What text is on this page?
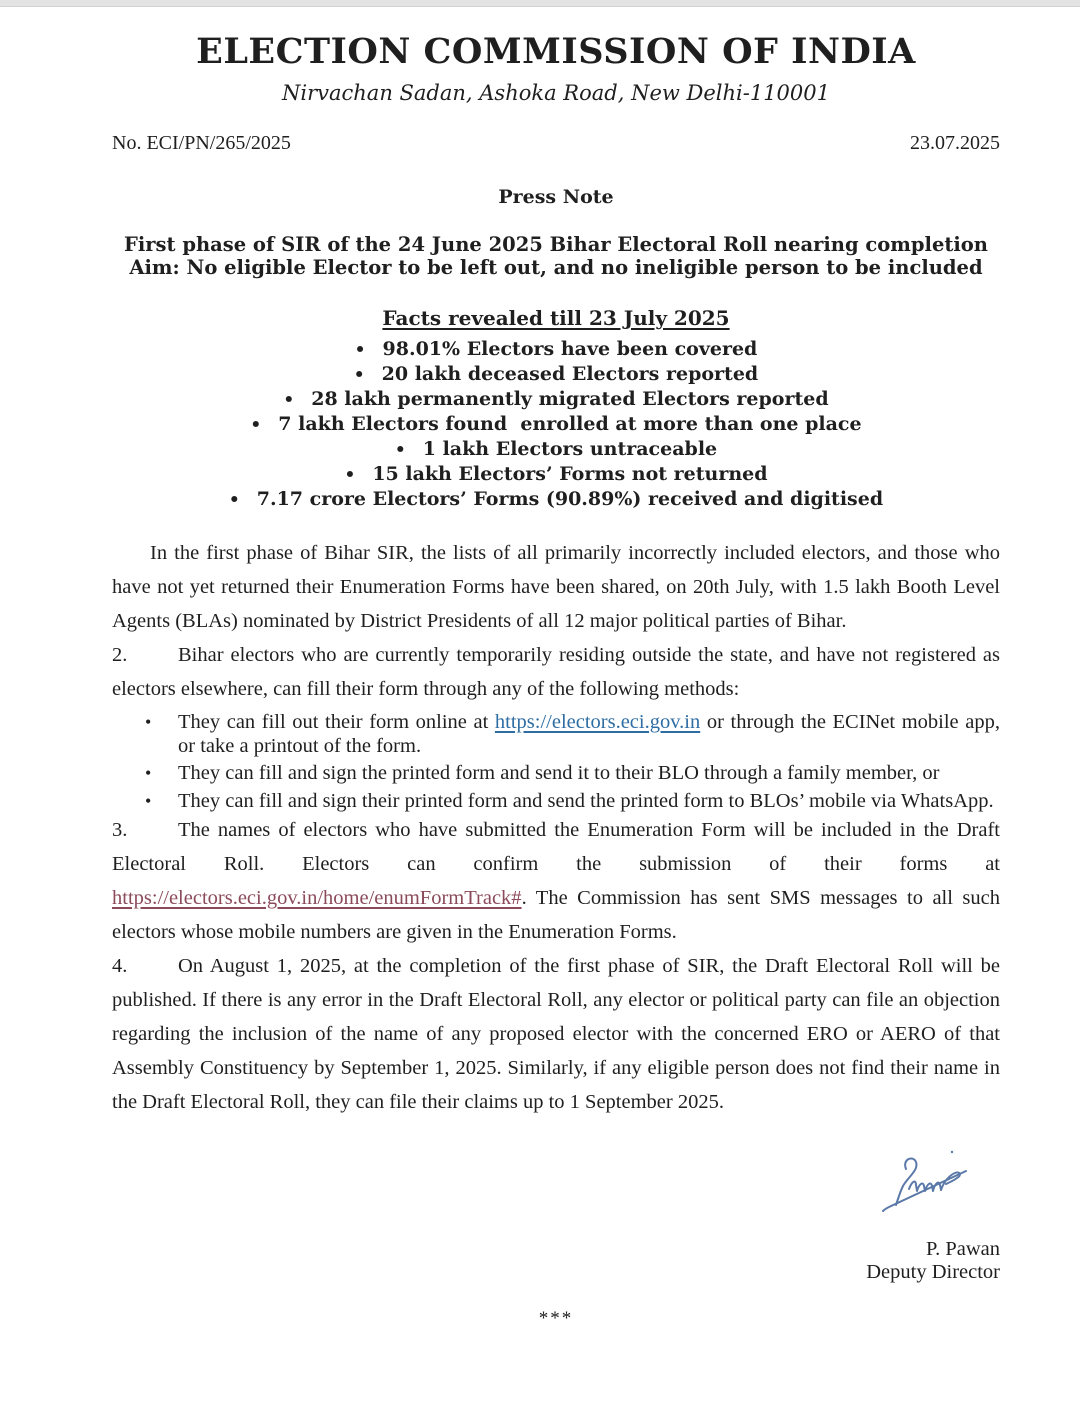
ELECTION COMMISSION OF INDIA
Nirvachan Sadan, Ashoka Road, New Delhi-110001
No. ECI/PN/265/2025	23.07.2025
Press Note
First phase of SIR of the 24 June 2025 Bihar Electoral Roll nearing completion
Aim: No eligible Elector to be left out, and no ineligible person to be included
Facts revealed till 23 July 2025
• 98.01% Electors have been covered
• 20 lakh deceased Electors reported
• 28 lakh permanently migrated Electors reported
• 7 lakh Electors found  enrolled at more than one place
• 1 lakh Electors untraceable
• 15 lakh Electors’ Forms not returned
• 7.17 crore Electors’ Forms (90.89%) received and digitised

In the first phase of Bihar SIR, the lists of all primarily incorrectly included electors, and those who have not yet returned their Enumeration Forms have been shared, on 20th July, with 1.5 lakh Booth Level Agents (BLAs) nominated by District Presidents of all 12 major political parties of Bihar.

2. Bihar electors who are currently temporarily residing outside the state, and have not registered as electors elsewhere, can fill their form through any of the following methods:

• They can fill out their form online at https://electors.eci.gov.in or through the ECINet mobile app, or take a printout of the form.
• They can fill and sign the printed form and send it to their BLO through a family member, or
• They can fill and sign their printed form and send the printed form to BLOs’ mobile via WhatsApp.

3. The names of electors who have submitted the Enumeration Form will be included in the Draft Electoral Roll. Electors can confirm the submission of their forms at https://electors.eci.gov.in/home/enumFormTrack#. The Commission has sent SMS messages to all such electors whose mobile numbers are given in the Enumeration Forms.

4. On August 1, 2025, at the completion of the first phase of SIR, the Draft Electoral Roll will be published. If there is any error in the Draft Electoral Roll, any elector or political party can file an objection regarding the inclusion of the name of any proposed elector with the concerned ERO or AERO of that Assembly Constituency by September 1, 2025. Similarly, if any eligible person does not find their name in the Draft Electoral Roll, they can file their claims up to 1 September 2025.

P. Pawan
Deputy Director
***
